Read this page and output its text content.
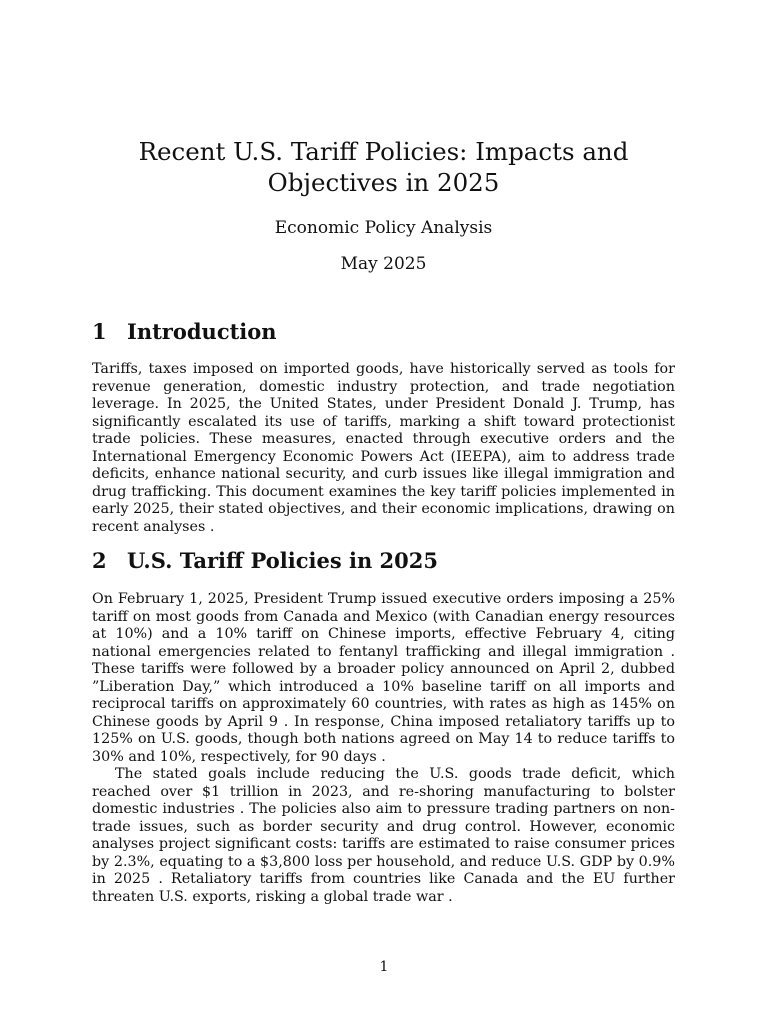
Recent U.S. Tariff Policies: Impacts and Objectives in 2025
Economic Policy Analysis
May 2025
1 Introduction

Tariffs, taxes imposed on imported goods, have historically served as tools for revenue generation, domestic industry protection, and trade negotiation leverage. In 2025, the United States, under President Donald J. Trump, has significantly escalated its use of tariffs, marking a shift toward protectionist trade policies. These measures, enacted through executive orders and the International Emergency Economic Powers Act (IEEPA), aim to address trade deficits, enhance national security, and curb issues like illegal immigration and drug trafficking. This document examines the key tariff policies implemented in early 2025, their stated objectives, and their economic implications, drawing on recent analyses .

2 U.S. Tariff Policies in 2025

On February 1, 2025, President Trump issued executive orders imposing a 25% tariff on most goods from Canada and Mexico (with Canadian energy resources at 10%) and a 10% tariff on Chinese imports, effective February 4, citing national emergencies related to fentanyl trafficking and illegal immigration . These tariffs were followed by a broader policy announced on April 2, dubbed ”Liberation Day,” which introduced a 10% baseline tariff on all imports and reciprocal tariffs on approximately 60 countries, with rates as high as 145% on Chinese goods by April 9 . In response, China imposed retaliatory tariffs up to 125% on U.S. goods, though both nations agreed on May 14 to reduce tariffs to 30% and 10%, respectively, for 90 days .

The stated goals include reducing the U.S. goods trade deficit, which reached over $1 trillion in 2023, and re-shoring manufacturing to bolster domestic industries . The policies also aim to pressure trading partners on non-trade issues, such as border security and drug control. However, economic analyses project significant costs: tariffs are estimated to raise consumer prices by 2.3%, equating to a $3,800 loss per household, and reduce U.S. GDP by 0.9% in 2025 . Retaliatory tariffs from countries like Canada and the EU further threaten U.S. exports, risking a global trade war .

1
